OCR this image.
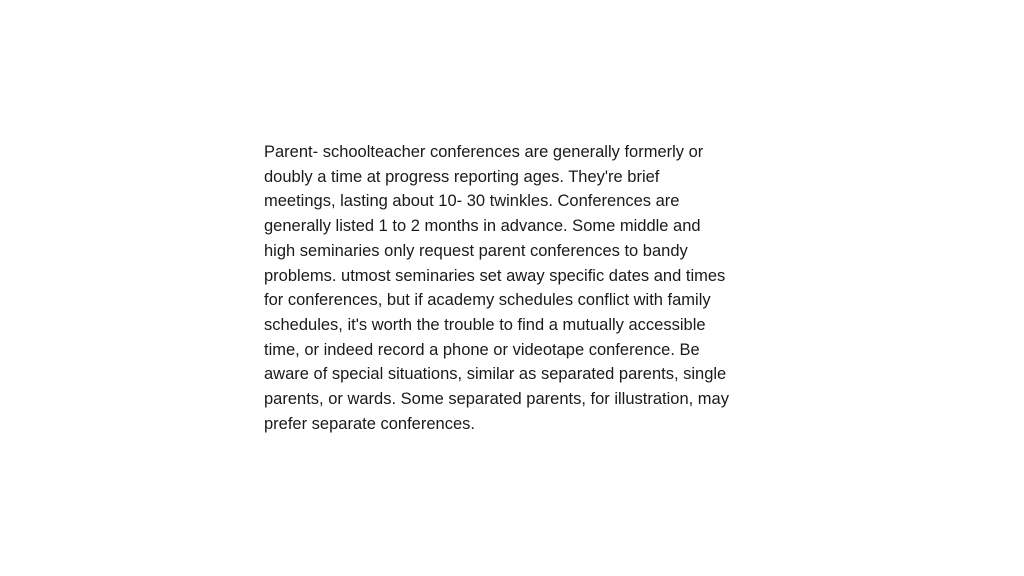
Parent- schoolteacher conferences are generally formerly or
doubly a time at progress reporting ages. They're brief
meetings, lasting about 10- 30 twinkles. Conferences are
generally listed 1 to 2 months in advance. Some middle and
high seminaries only request parent conferences to bandy
problems. utmost seminaries set away specific dates and times
for conferences, but if academy schedules conflict with family
schedules, it's worth the trouble to find a mutually accessible
time, or indeed record a phone or videotape conference. Be
aware of special situations, similar as separated parents, single
parents, or wards. Some separated parents, for illustration, may
prefer separate conferences.
